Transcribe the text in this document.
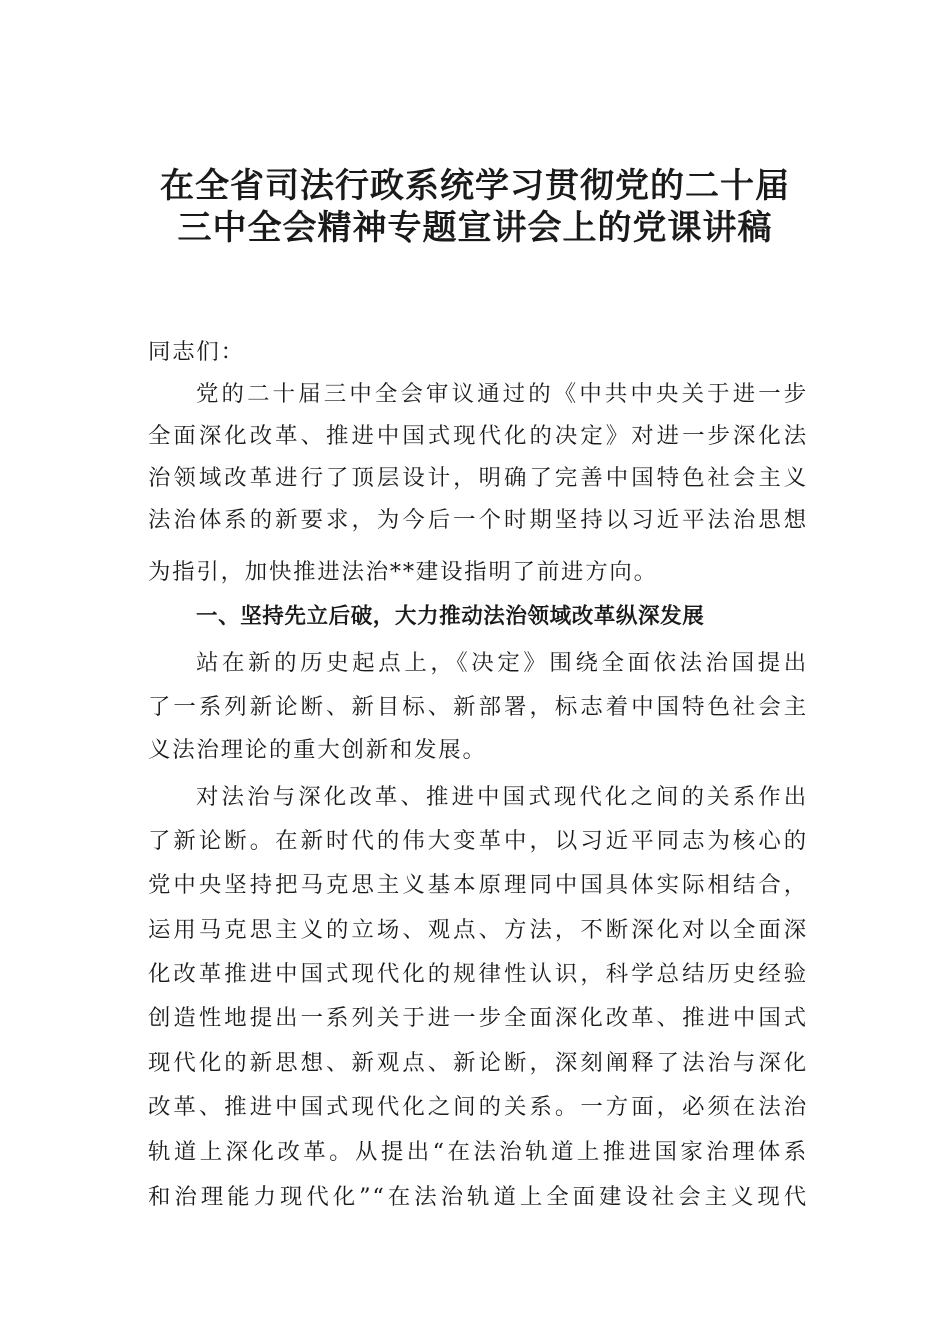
在全省司法行政系统学习贯彻党的二十届
三中全会精神专题宣讲会上的党课讲稿

同志们：

党的二十届三中全会审议通过的《中共中央关于进一步

全面深化改革、推进中国式现代化的决定》对进一步深化法

治领域改革进行了顶层设计，明确了完善中国特色社会主义

法治体系的新要求，为今后一个时期坚持以习近平法治思想

为指引，加快推进法治**建设指明了前进方向。

一、坚持先立后破，大力推动法治领域改革纵深发展

站在新的历史起点上，《决定》围绕全面依法治国提出

了一系列新论断、新目标、新部署，标志着中国特色社会主

义法治理论的重大创新和发展。

对法治与深化改革、推进中国式现代化之间的关系作出

了新论断。在新时代的伟大变革中，以习近平同志为核心的

党中央坚持把马克思主义基本原理同中国具体实际相结合，

运用马克思主义的立场、观点、方法，不断深化对以全面深

化改革推进中国式现代化的规律性认识，科学总结历史经验

创造性地提出一系列关于进一步全面深化改革、推进中国式

现代化的新思想、新观点、新论断，深刻阐释了法治与深化

改革、推进中国式现代化之间的关系。一方面，必须在法治

轨道上深化改革。从提出“在法治轨道上推进国家治理体系

和治理能力现代化”“在法治轨道上全面建设社会主义现代
